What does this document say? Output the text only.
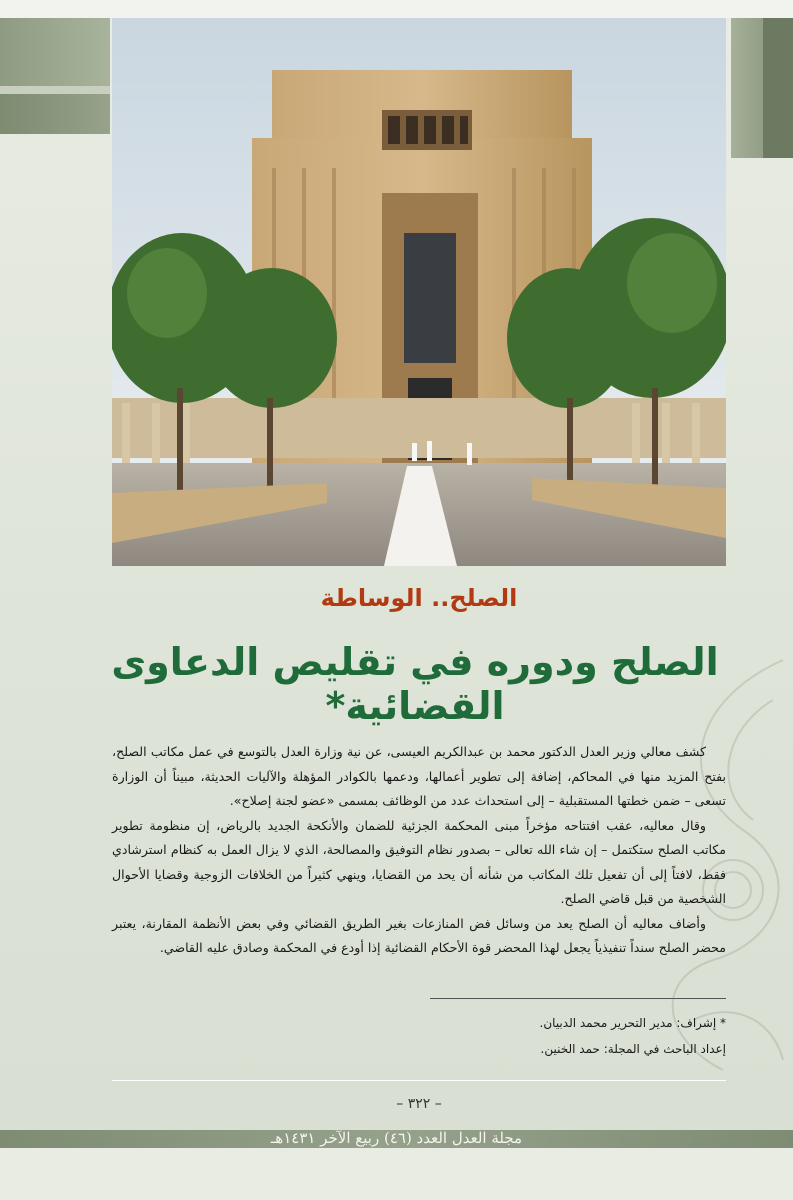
الصلح.. الوساطة
الصلح ودوره في تقليص الدعاوى القضائية*

كشف معالي وزير العدل الدكتور محمد بن عبدالكريم العيسى، عن نية وزارة العدل بالتوسع في عمل مكاتب الصلح، بفتح المزيد منها في المحاكم، إضافة إلى تطوير أعمالها، ودعمها بالكوادر المؤهلة والآليات الحديثة، مبيناً أن الوزارة تسعى – ضمن خطتها المستقبلية – إلى استحداث عدد من الوظائف بمسمى «عضو لجنة إصلاح».

وقال معاليه، عقب افتتاحه مؤخراً مبنى المحكمة الجزئية للضمان والأنكحة الجديد بالرياض، إن منظومة تطوير مكاتب الصلح ستكتمل – إن شاء الله تعالى – بصدور نظام التوفيق والمصالحة، الذي لا يزال العمل به كنظام استرشادي فقط، لافتاً إلى أن تفعيل تلك المكاتب من شأنه أن يحد من القضايا، وينهي كثيراً من الخلافات الزوجية وقضايا الأحوال الشخصية من قبل قاضي الصلح.

وأضاف معاليه أن الصلح يعد من وسائل فض المنازعات بغير الطريق القضائي وفي بعض الأنظمة المقارنة، يعتبر محضر الصلح سنداً تنفيذياً يجعل لهذا المحضر قوة الأحكام القضائية إذا أودع في المحكمة وصادق عليه القاضي.

* إشراف: مدير التحرير محمد الدبيان.
إعداد الباحث في المجلة: حمد الخنين.
– ٣٢٢ –
مجلة العدل العدد (٤٦) ربيع الآخر ١٤٣١هـ
